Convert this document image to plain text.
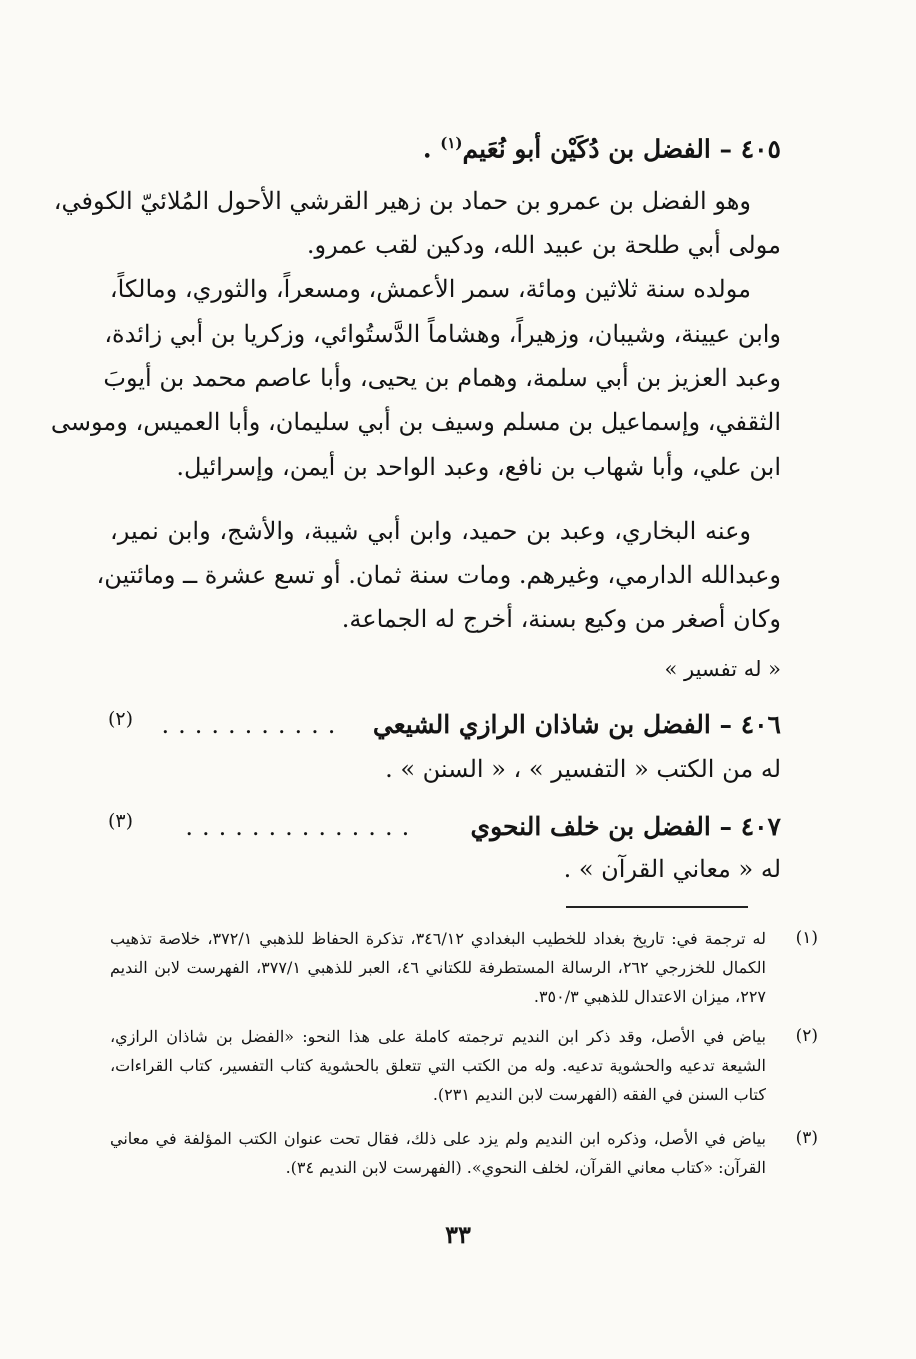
٤٠٥ – الفضل بن دُكَيْن أبو نُعَيم$^{(١)}$ .
وهو الفضل بن عمرو بن حماد بن زهير القرشي الأحول المُلائيّ الكوفي،
مولى أبي طلحة بن عبيد الله، ودكين لقب عمرو.
مولده سنة ثلاثين ومائة، سمر الأعمش، ومسعراً، والثوري، ومالكاً،
وابن عيينة، وشيبان، وزهيراً، وهشاماً الدَّستُوائي، وزكريا بن أبي زائدة،
وعبد العزيز بن أبي سلمة، وهمام بن يحيى، وأبا عاصم محمد بن أيوبَ
الثقفي، وإسماعيل بن مسلم وسيف بن أبي سليمان، وأبا العميس، وموسى
ابن علي، وأبا شهاب بن نافع، وعبد الواحد بن أيمن، وإسرائيل.
وعنه البخاري، وعبد بن حميد، وابن أبي شيبة، والأشج، وابن نمير،
وعبدالله الدارمي، وغيرهم. ومات سنة ثمان. أو تسع عشرة ــ ومائتين،
وكان أصغر من وكيع بسنة، أخرج له الجماعة.
« له تفسير »
٤٠٦ – الفضل بن شاذان الرازي الشيعي
...........
(٢)
له من الكتب « التفسير » ، « السنن » .
٤٠٧ – الفضل بن خلف النحوي
..............
(٣)
له « معاني القرآن » .
(١)
له ترجمة في: تاريخ بغداد للخطيب البغدادي ٣٤٦/١٢، تذكرة الحفاظ للذهبي ٣٧٢/١، خلاصة تذهيب الكمال للخزرجي ٢٦٢، الرسالة المستطرفة للكتاني ٤٦، العبر للذهبي ٣٧٧/١، الفهرست لابن النديم ٢٢٧، ميزان الاعتدال للذهبي ٣٥٠/٣.
(٢)
بياض في الأصل، وقد ذكر ابن النديم ترجمته كاملة على هذا النحو: «الفضل بن شاذان الرازي، الشيعة تدعيه والحشوية تدعيه. وله من الكتب التي تتعلق بالحشوية كتاب التفسير، كتاب القراءات، كتاب السنن في الفقه (الفهرست لابن النديم ٢٣١).
(٣)
بياض في الأصل، وذكره ابن النديم ولم يزد على ذلك، فقال تحت عنوان الكتب المؤلفة في معاني القرآن: «كتاب معاني القرآن، لخلف النحوي». (الفهرست لابن النديم ٣٤).
٣٣
